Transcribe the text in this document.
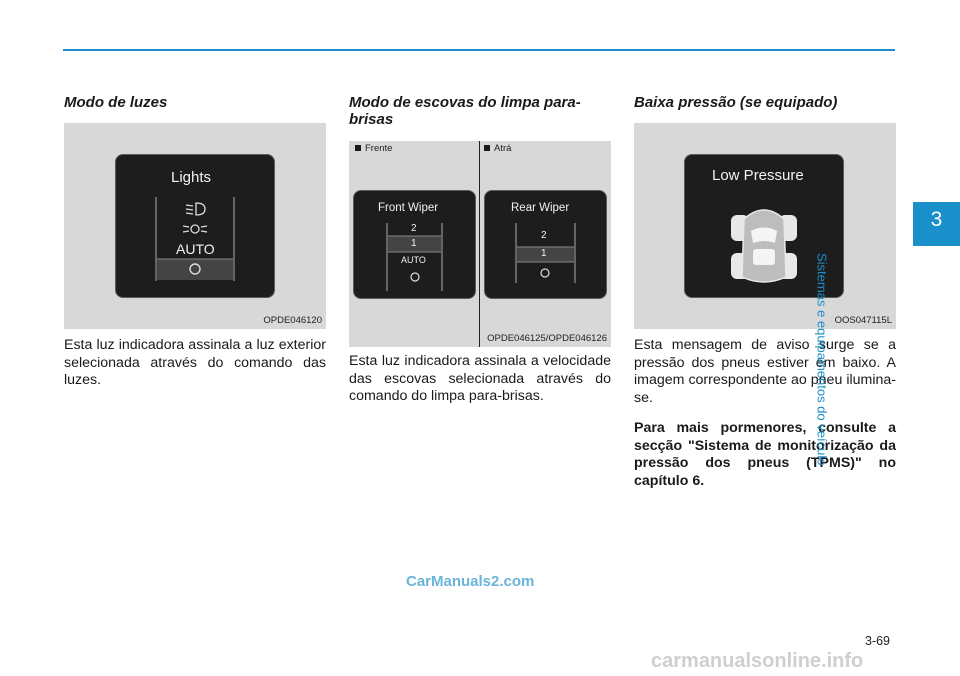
Modo de luzes

Lights
AUTO
OPDE046120

Esta luz indicadora assinala a luz exterior selecionada através do comando das luzes.

Modo de escovas do limpa para-brisas

Frente	Atrá
Front Wiper
2
1
AUTO
Rear Wiper
2
1
OPDE046125/OPDE046126

Esta luz indicadora assinala a velocidade das escovas selecionada através do comando do limpa para-brisas.

Baixa pressão (se equipado)

Low Pressure
OOS047115L

Esta mensagem de aviso surge se a pressão dos pneus estiver em baixo. A imagem correspondente ao pneu ilumina-se.

Para mais pormenores, consulte a secção "Sistema de monitorização da pressão dos pneus (TPMS)" no capítulo 6.

3
Sistemas e equipamentos do veículo
3-69
CarManuals2.com
carmanualsonline.info
